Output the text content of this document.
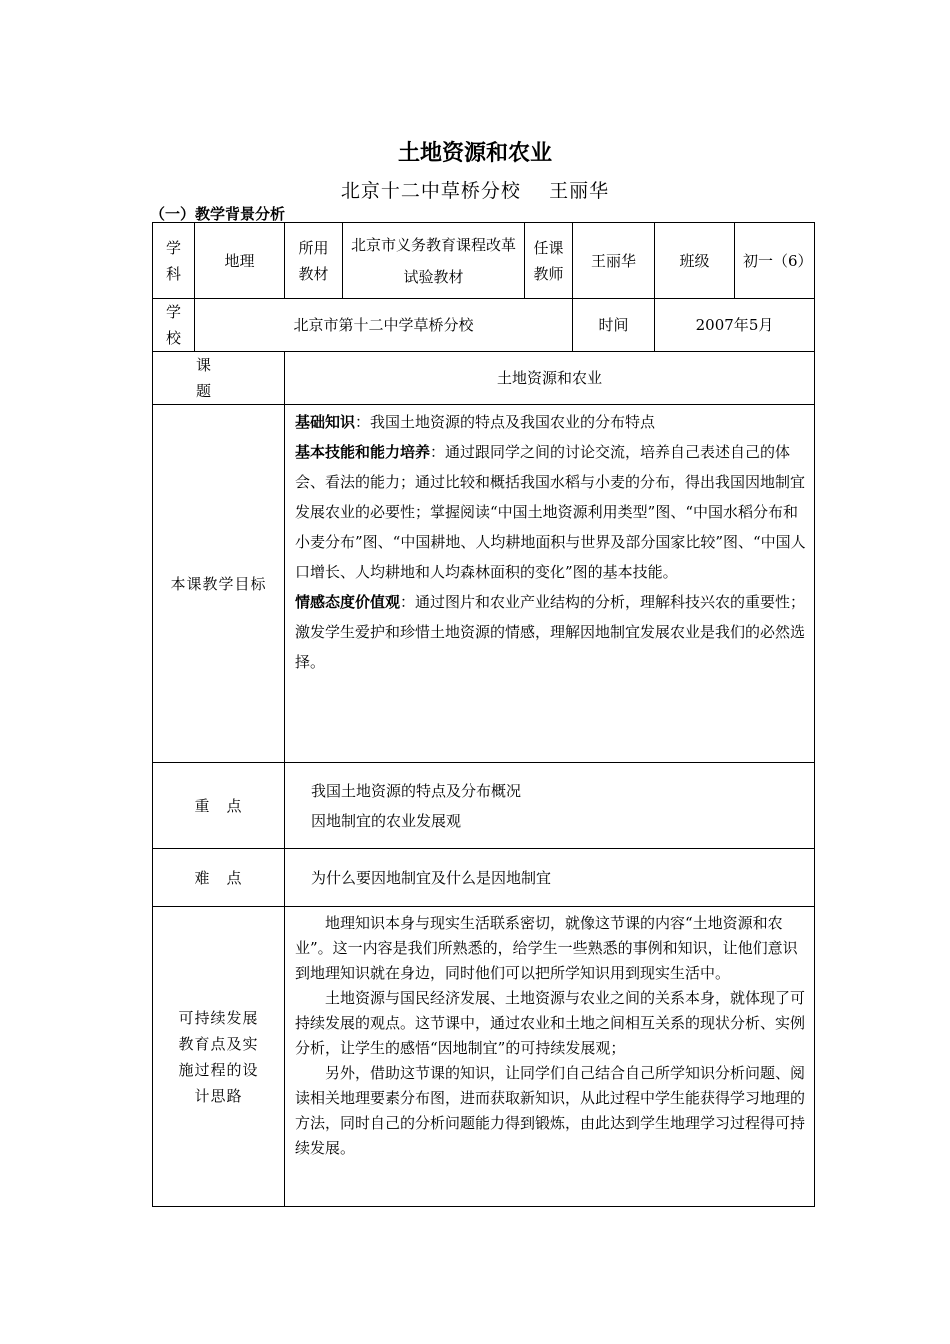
土地资源和农业
北京十二中草桥分校    王丽华
（一）教学背景分析
学科	地理	所用教材	北京市义务教育课程改革试验教材	任课教师	王丽华	班级	初一（6）
学校	北京市第十二中学草桥分校				时间	2007年5月	
课　题		土地资源和农业					
本课教学目标		基础知识：我国土地资源的特点及我国农业的分布特点

基本技能和能力培养：通过跟同学之间的讨论交流，培养自己表述自己的体会、看法的能力；通过比较和概括我国水稻与小麦的分布，得出我国因地制宜发展农业的必要性；掌握阅读“中国土地资源利用类型”图、“中国水稻分布和小麦分布”图、“中国耕地、人均耕地面积与世界及部分国家比较”图、“中国人口增长、人均耕地和人均森林面积的变化”图的基本技能。

情感态度价值观：通过图片和农业产业结构的分析，理解科技兴农的重要性；激发学生爱护和珍惜土地资源的情感，理解因地制宜发展农业是我们的必然选择。					

重　点		我国土地资源的特点及分布概况
因地制宜的农业发展观					

难　点		为什么要因地制宜及什么是因地制宜					
可持续发展教育点及实施过程的设计思路		地理知识本身与现实生活联系密切，就像这节课的内容“土地资源和农业”。这一内容是我们所熟悉的，给学生一些熟悉的事例和知识，让他们意识到地理知识就在身边，同时他们可以把所学知识用到现实生活中。

土地资源与国民经济发展、土地资源与农业之间的关系本身，就体现了可持续发展的观点。这节课中，通过农业和土地之间相互关系的现状分析、实例分析，让学生的感悟“因地制宜”的可持续发展观；

另外，借助这节课的知识，让同学们自己结合自己所学知识分析问题、阅读相关地理要素分布图，进而获取新知识，从此过程中学生能获得学习地理的方法，同时自己的分析问题能力得到锻炼，由此达到学生地理学习过程得可持续发展。					
